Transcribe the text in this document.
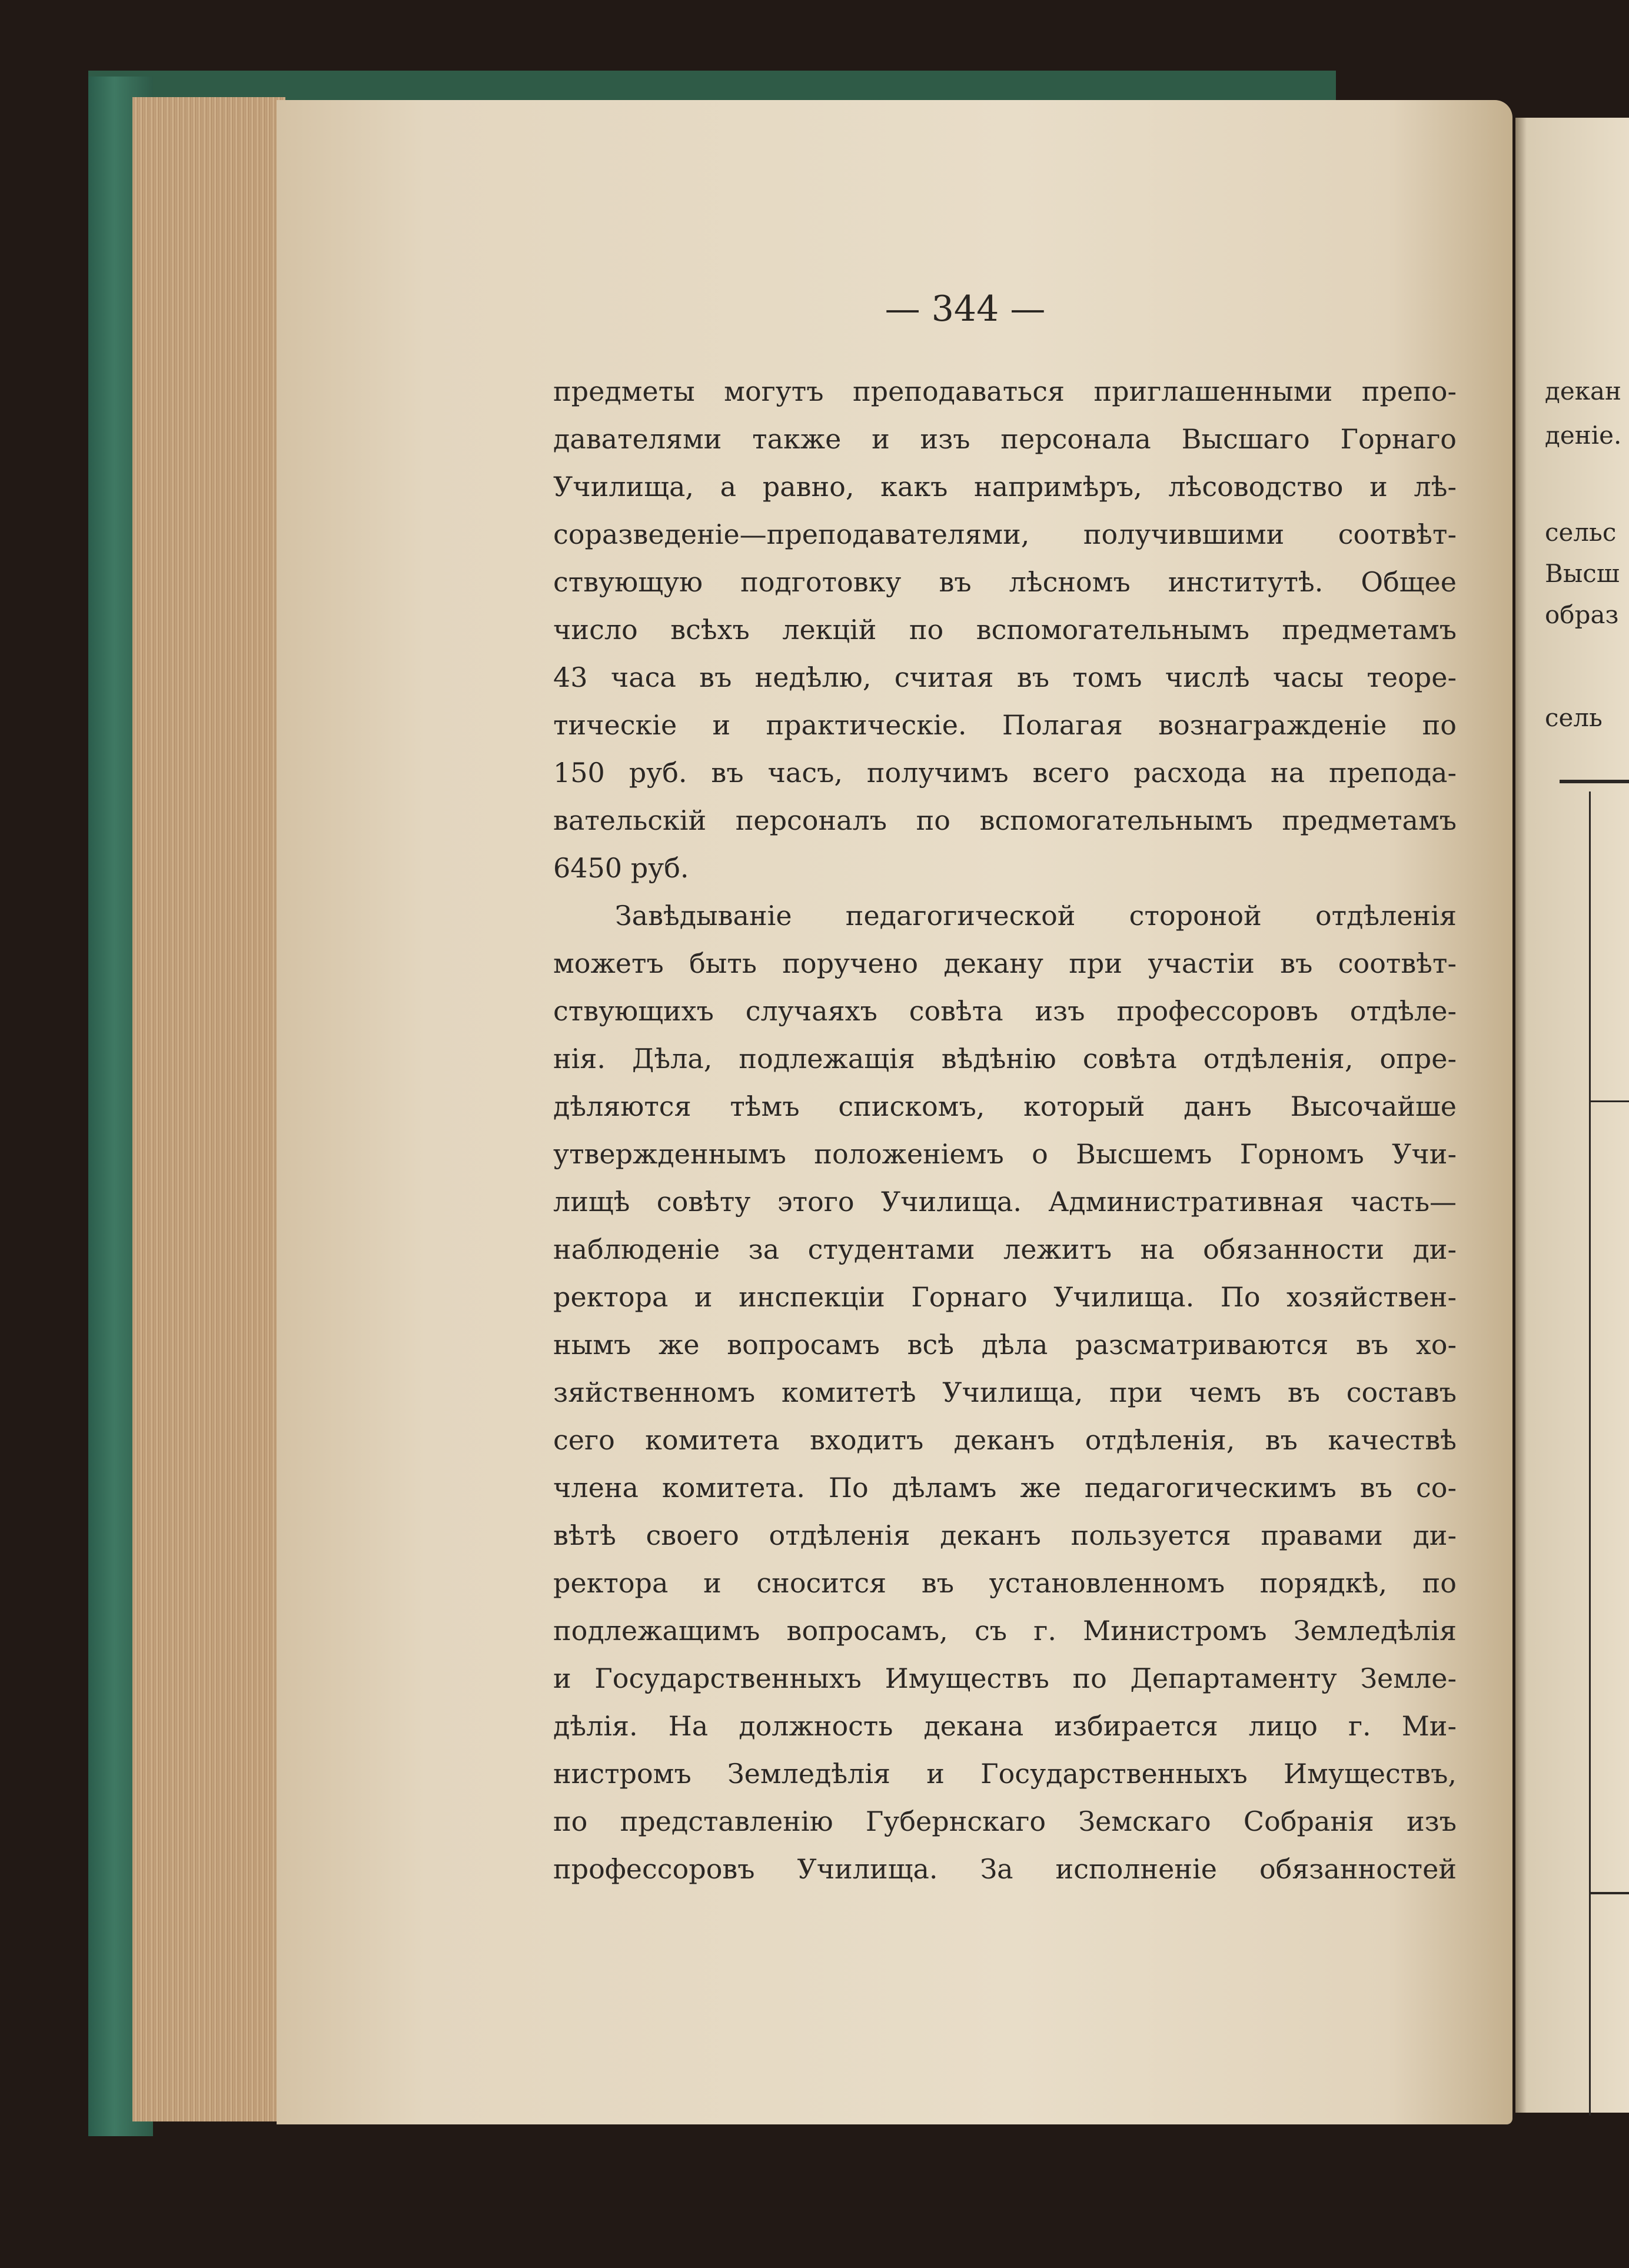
— 344 —
предметы могутъ преподаваться приглашенными препо-
давателями также и изъ персонала Высшаго Горнаго
Училища, а равно, какъ напримѣръ, лѣсоводство и лѣ-
соразведеніе—преподавателями, получившими соотвѣт-
ствующую подготовку въ лѣсномъ институтѣ. Общее
число всѣхъ лекцій по вспомогательнымъ предметамъ
43 часа въ недѣлю, считая въ томъ числѣ часы теоре-
тическіе и практическіе. Полагая вознагражденіе по
150 руб. въ часъ, получимъ всего расхода на препода-
вательскій персоналъ по вспомогательнымъ предметамъ
6450 руб.
Завѣдываніе педагогической стороной отдѣленія
можетъ быть поручено декану при участіи въ соотвѣт-
ствующихъ случаяхъ совѣта изъ профессоровъ отдѣле-
нія. Дѣла, подлежащія вѣдѣнію совѣта отдѣленія, опре-
дѣляются тѣмъ спискомъ, который данъ Высочайше
утвержденнымъ положеніемъ о Высшемъ Горномъ Учи-
лищѣ совѣту этого Училища. Административная часть—
наблюденіе за студентами лежитъ на обязанности ди-
ректора и инспекціи Горнаго Училища. По хозяйствен-
нымъ же вопросамъ всѣ дѣла разсматриваются въ хо-
зяйственномъ комитетѣ Училища, при чемъ въ составъ
сего комитета входитъ деканъ отдѣленія, въ качествѣ
члена комитета. По дѣламъ же педагогическимъ въ со-
вѣтѣ своего отдѣленія деканъ пользуется правами ди-
ректора и сносится въ установленномъ порядкѣ, по
подлежащимъ вопросамъ, съ г. Министромъ Земледѣлія
и Государственныхъ Имуществъ по Департаменту Земле-
дѣлія. На должность декана избирается лицо г. Ми-
нистромъ Земледѣлія и Государственныхъ Имуществъ,
по представленію Губернскаго Земскаго Собранія изъ
профессоровъ Училища. За исполненіе обязанностей
декан
деніе.
сельс
Высш
образ
сель
